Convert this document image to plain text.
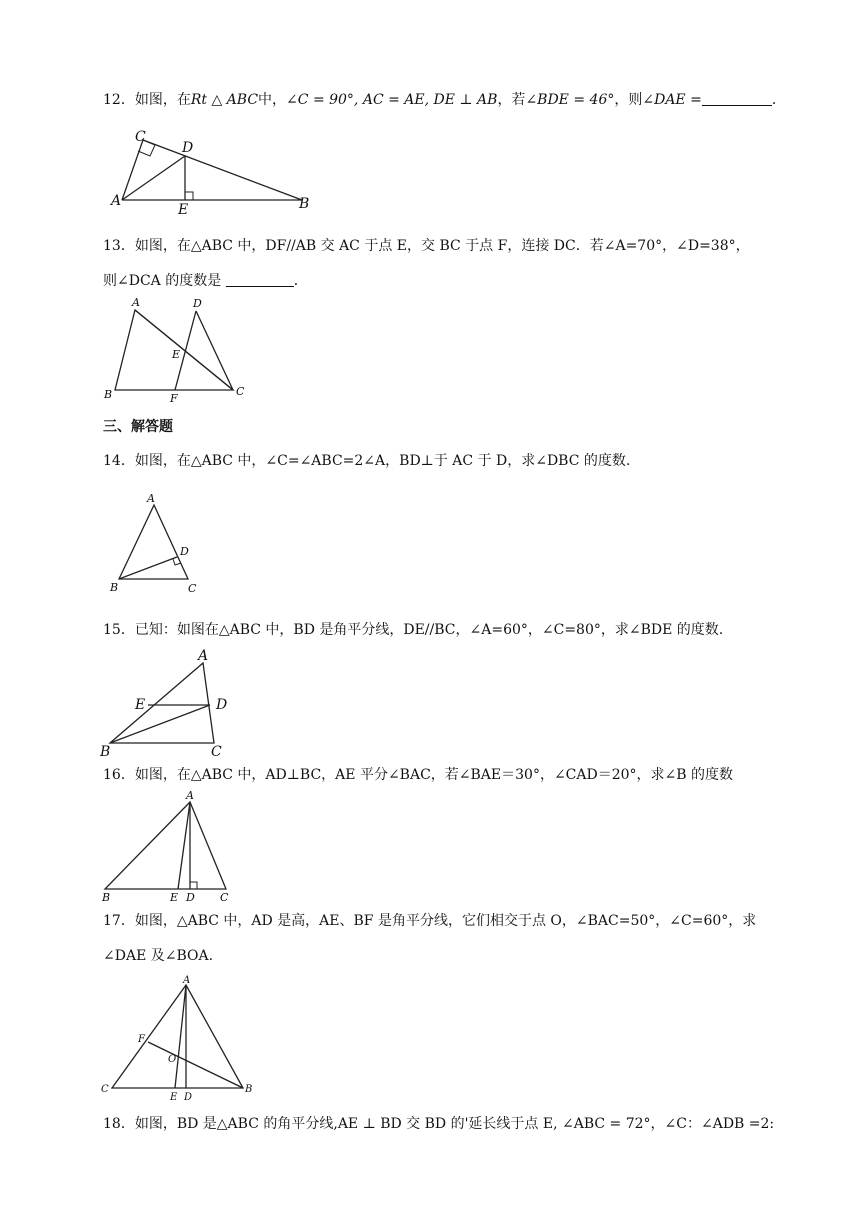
12．如图，在Rt △ ABC中，∠C = 90°, AC = AE, DE ⊥ AB，若∠BDE = 46°，则∠DAE =	．
C
D
A
E	B
13．如图，在△ABC 中，DF//AB 交 AC 于点 E，交 BC 于点 F，连接 DC．若∠A=70°，∠D=38°，
则∠DCA 的度数是	．
A	D
E
B	F
C
三、解答题
14．如图，在△ABC 中，∠C=∠ABC=2∠A，BD⊥于 AC 于 D，求∠DBC 的度数.
A
D
B	C
15．已知：如图在△ABC 中，BD 是角平分线，DE//BC，∠A=60°，∠C=80°，求∠BDE 的度数.
A
E	D
B	C
16．如图，在△ABC 中，AD⊥BC，AE 平分∠BAC，若∠BAE＝30°，∠CAD＝20°，求∠B 的度数
A
B	E D C
17．如图，△ABC 中，AD 是高，AE、BF 是角平分线，它们相交于点 O，∠BAC=50°，∠C=60°，求
∠DAE 及∠BOA.
A
F
O
C
E D
B
18．如图，BD 是△ABC 的角平分线,AE ⊥ BD 交 BD 的'延长线于点 E, ∠ABC = 72°，∠C：∠ADB =2:
